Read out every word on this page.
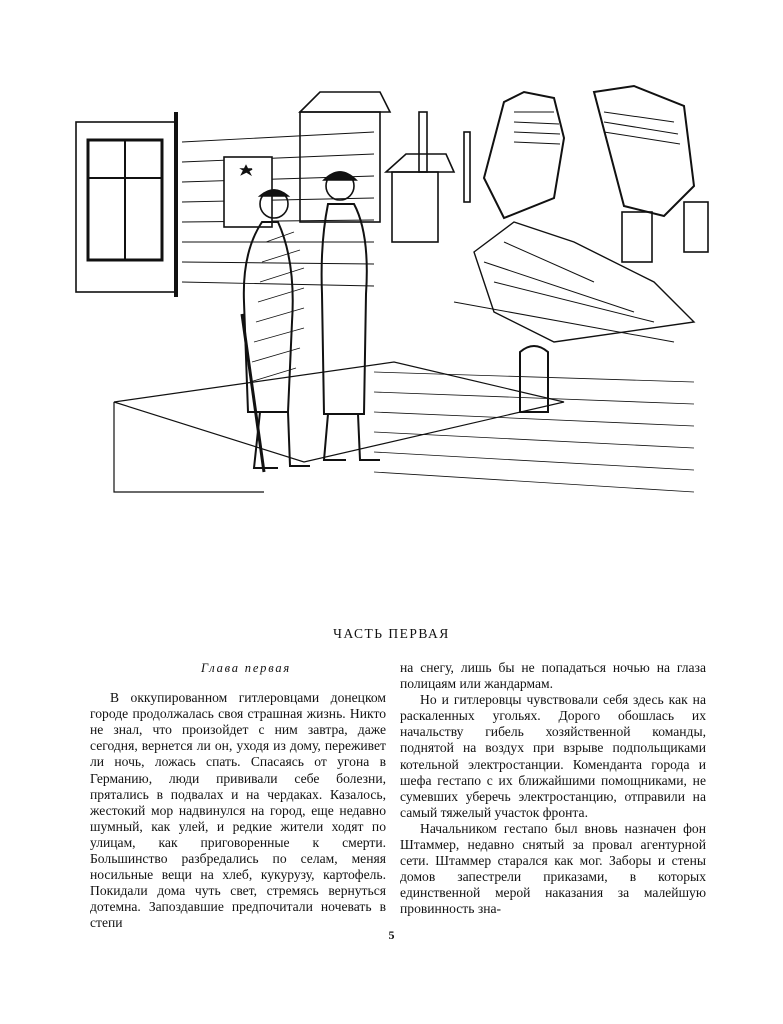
ЧАСТЬ ПЕРВАЯ
Глава первая

В оккупированном гитлеровцами донецком городе продолжалась своя страшная жизнь. Никто не знал, что произойдет с ним завтра, даже сегодня, вернется ли он, уходя из дому, переживет ли ночь, ложась спать. Спасаясь от угона в Германию, люди прививали себе болезни, прятались в подвалах и на чердаках. Казалось, жестокий мор надвинулся на город, еще недавно шумный, как улей, и редкие жители ходят по улицам, как приговоренные к смерти. Большинство разбредались по селам, меняя носильные вещи на хлеб, кукурузу, картофель. Покидали дома чуть свет, стремясь вернуться дотемна. Запоздавшие предпочитали ночевать в степи

на снегу, лишь бы не попадаться ночью на глаза полицаям или жандармам.

Но и гитлеровцы чувствовали себя здесь как на раскаленных угольях. Дорого обошлась их начальству гибель хозяйственной команды, поднятой на воздух при взрыве подпольщиками котельной электростанции. Коменданта города и шефа гестапо с их ближайшими помощниками, не сумевших уберечь электростанцию, отправили на самый тяжелый участок фронта.

Начальником гестапо был вновь назначен фон Штаммер, недавно снятый за провал агентурной сети. Штаммер старался как мог. Заборы и стены домов запестрели приказами, в которых единственной мерой наказания за малейшую провинность зна-

5
